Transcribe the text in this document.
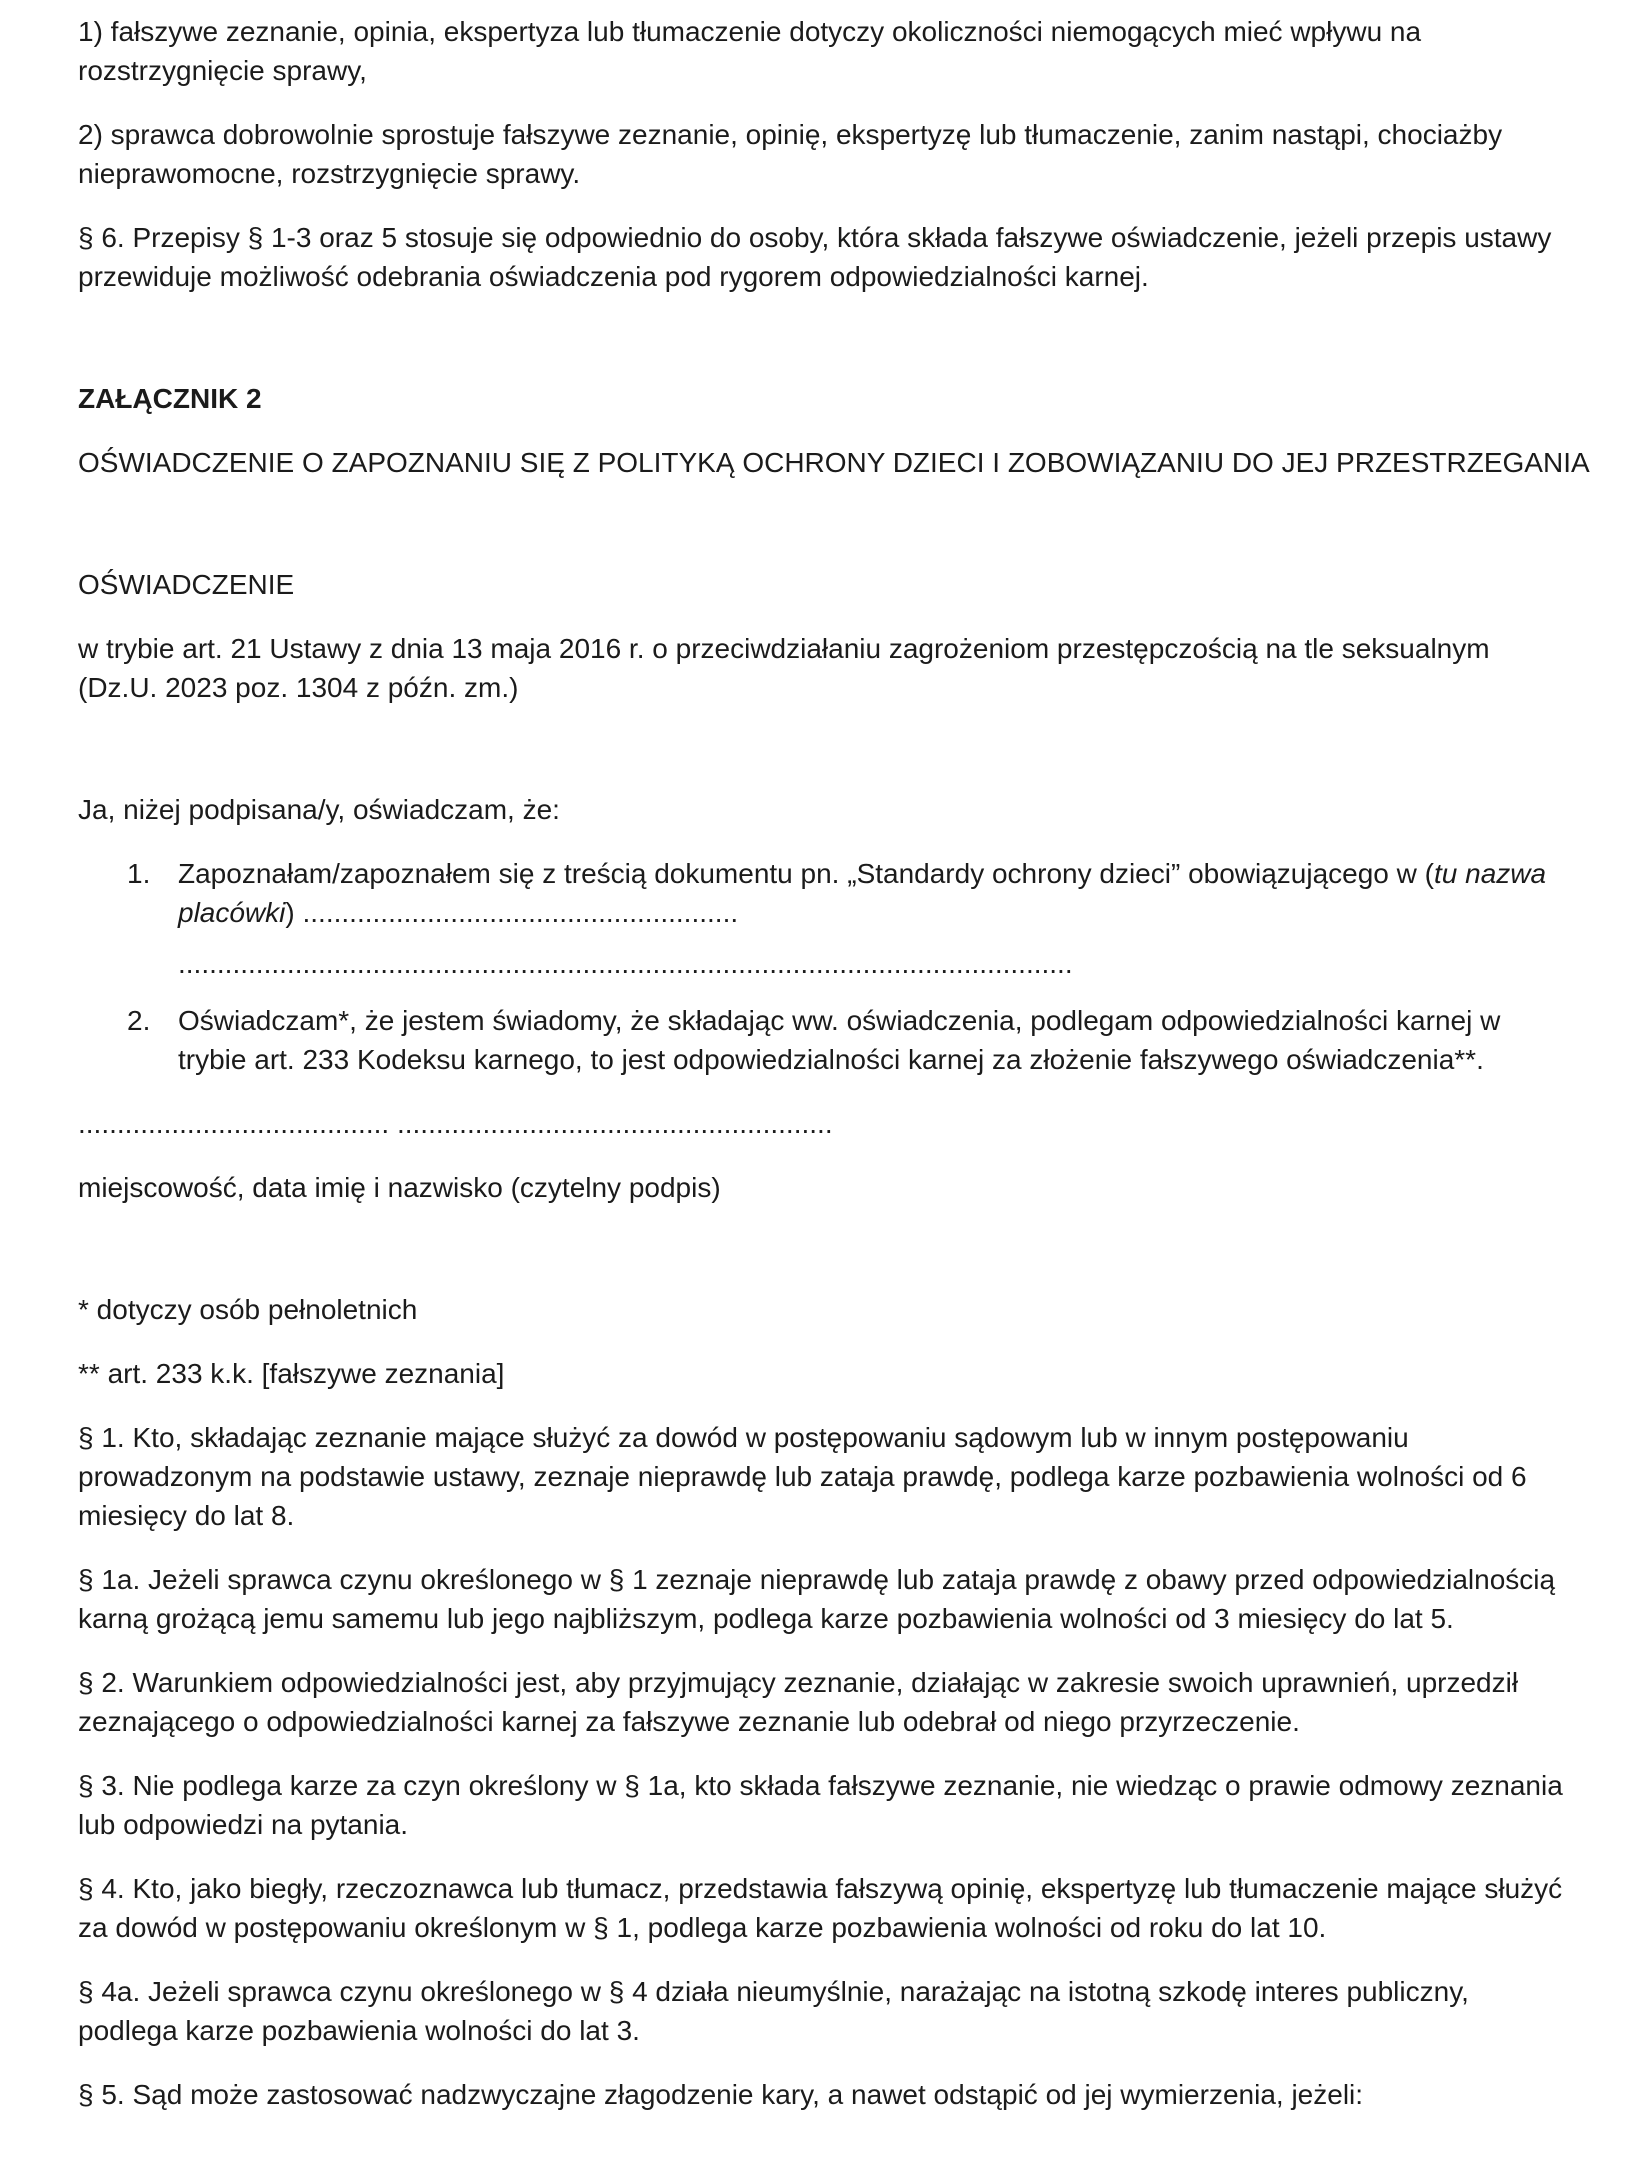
1) fałszywe zeznanie, opinia, ekspertyza lub tłumaczenie dotyczy okoliczności niemogących mieć wpływu na rozstrzygnięcie sprawy,

2) sprawca dobrowolnie sprostuje fałszywe zeznanie, opinię, ekspertyzę lub tłumaczenie, zanim nastąpi, chociażby nieprawomocne, rozstrzygnięcie sprawy.

§ 6. Przepisy § 1-3 oraz 5 stosuje się odpowiednio do osoby, która składa fałszywe oświadczenie, jeżeli przepis ustawy przewiduje możliwość odebrania oświadczenia pod rygorem odpowiedzialności karnej.

ZAŁĄCZNIK 2

OŚWIADCZENIE O ZAPOZNANIU SIĘ Z POLITYKĄ OCHRONY DZIECI I ZOBOWIĄZANIU DO JEJ PRZESTRZEGANIA

OŚWIADCZENIE

w trybie art. 21 Ustawy z dnia 13 maja 2016 r. o przeciwdziałaniu zagrożeniom przestępczością na tle seksualnym (Dz.U. 2023 poz. 1304 z późn. zm.)

Ja, niżej podpisana/y, oświadczam, że:

1. Zapoznałam/zapoznałem się z treścią dokumentu pn. „Standardy ochrony dzieci” obowiązującego w (tu nazwa placówki) ........................................................
...................................................................................................................
2. Oświadczam*, że jestem świadomy, że składając ww. oświadczenia, podlegam odpowiedzialności karnej w trybie art. 233 Kodeksu karnego, to jest odpowiedzialności karnej za złożenie fałszywego oświadczenia**.

........................................ ........................................................

miejscowość, data imię i nazwisko (czytelny podpis)

* dotyczy osób pełnoletnich

** art. 233 k.k. [fałszywe zeznania]

§ 1. Kto, składając zeznanie mające służyć za dowód w postępowaniu sądowym lub w innym postępowaniu prowadzonym na podstawie ustawy, zeznaje nieprawdę lub zataja prawdę, podlega karze pozbawienia wolności od 6 miesięcy do lat 8.

§ 1a. Jeżeli sprawca czynu określonego w § 1 zeznaje nieprawdę lub zataja prawdę z obawy przed odpowiedzialnością karną grożącą jemu samemu lub jego najbliższym, podlega karze pozbawienia wolności od 3 miesięcy do lat 5.

§ 2. Warunkiem odpowiedzialności jest, aby przyjmujący zeznanie, działając w zakresie swoich uprawnień, uprzedził zeznającego o odpowiedzialności karnej za fałszywe zeznanie lub odebrał od niego przyrzeczenie.

§ 3. Nie podlega karze za czyn określony w § 1a, kto składa fałszywe zeznanie, nie wiedząc o prawie odmowy zeznania lub odpowiedzi na pytania.

§ 4. Kto, jako biegły, rzeczoznawca lub tłumacz, przedstawia fałszywą opinię, ekspertyzę lub tłumaczenie mające służyć za dowód w postępowaniu określonym w § 1, podlega karze pozbawienia wolności od roku do lat 10.

§ 4a. Jeżeli sprawca czynu określonego w § 4 działa nieumyślnie, narażając na istotną szkodę interes publiczny, podlega karze pozbawienia wolności do lat 3.

§ 5. Sąd może zastosować nadzwyczajne złagodzenie kary, a nawet odstąpić od jej wymierzenia, jeżeli:
